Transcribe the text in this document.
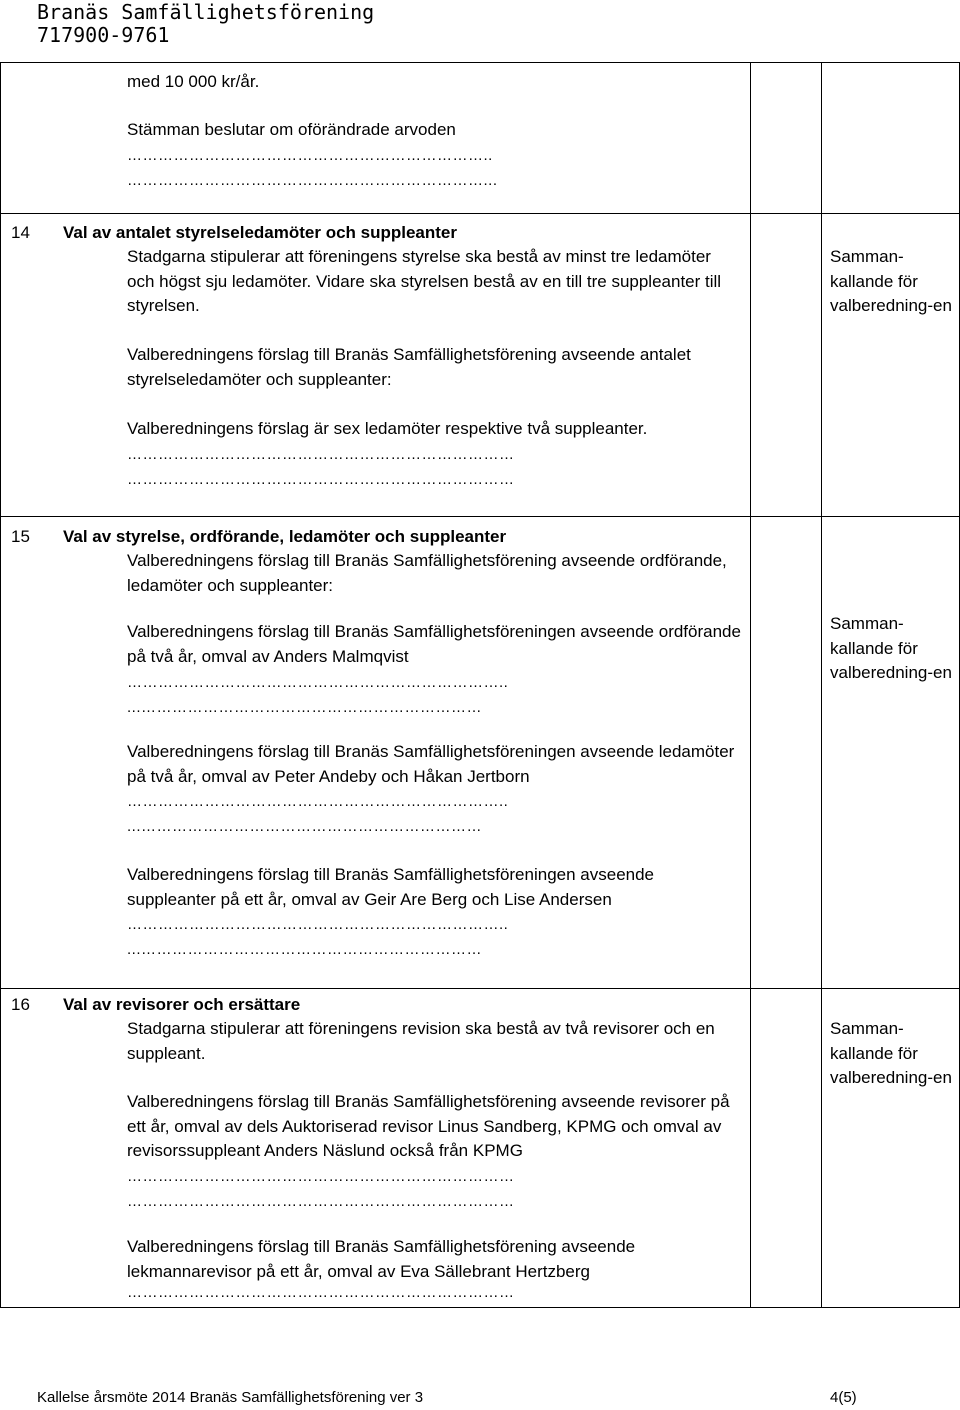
Branäs Samfällighetsförening
717900-9761

med 10 000 kr/år.

Stämman beslutar om oförändrade arvoden

……………………………………………………………..

……………………………………………………………...

14 Val av antalet styrelseledamöter och suppleanter

Stadgarna stipulerar att föreningens styrelse ska bestå av minst tre ledamöter och högst sju ledamöter. Vidare ska styrelsen bestå av en till tre suppleanter till styrelsen.

Valberedningens förslag till Branäs Samfällighetsförening avseende antalet styrelseledamöter och suppleanter:

Valberedningens förslag är sex ledamöter respektive två suppleanter.

…………………………………………………………………

…………………………………………………………………

Samman-kallande för valberedning-en

15 Val av styrelse, ordförande, ledamöter och suppleanter

Valberedningens förslag till Branäs Samfällighetsförening avseende ordförande, ledamöter och suppleanter:

Valberedningens förslag till Branäs Samfällighetsföreningen avseende ordförande på två år, omval av Anders Malmqvist

………………………………………………………………..

...…………………………………………………………

Valberedningens förslag till Branäs Samfällighetsföreningen avseende ledamöter på två år, omval av Peter Andeby och Håkan Jertborn

………………………………………………………………..

...…………………………………………………………

Valberedningens förslag till Branäs Samfällighetsföreningen avseende suppleanter på ett år, omval av Geir Are Berg och Lise Andersen

………………………………………………………………..

...…………………………………………………………

Samman-kallande för valberedning-en

16 Val av revisorer och ersättare

Stadgarna stipulerar att föreningens revision ska bestå av två revisorer och en suppleant.

Valberedningens förslag till Branäs Samfällighetsförening avseende revisorer på ett år, omval av dels Auktoriserad revisor Linus Sandberg, KPMG och omval av revisorssuppleant Anders Näslund också från KPMG

…………………………………………………………………

…………………………………………………………………

Valberedningens förslag till Branäs Samfällighetsförening avseende lekmannarevisor på ett år, omval av Eva Sällebrant Hertzberg

…………………………………………………………………

Samman-kallande för valberedning-en

Kallelse årsmöte 2014 Branäs Samfällighetsförening ver 3	4(5)
